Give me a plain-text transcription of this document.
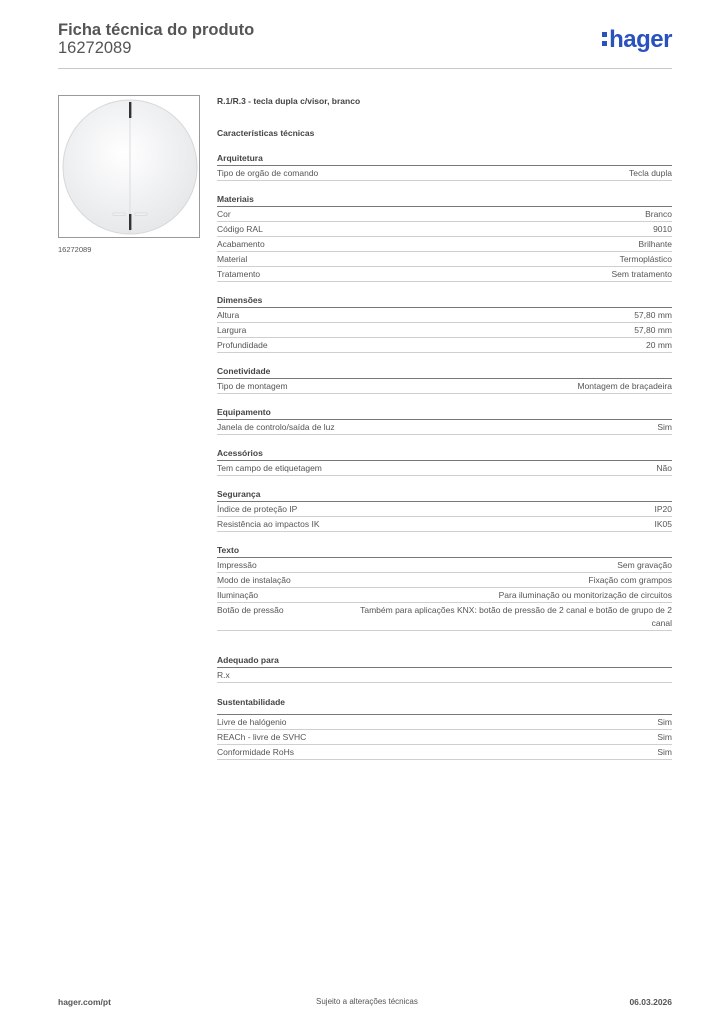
Ficha técnica do produto
16272089	hager
16272089
R.1/R.3 - tecla dupla c/visor, branco
Características técnicas
Arquitetura
Tipo de orgão de comando	Tecla dupla
Materiais
Cor	Branco
Código RAL	9010
Acabamento	Brilhante
Material	Termoplástico
Tratamento	Sem tratamento
Dimensões
Altura	57,80 mm
Largura	57,80 mm
Profundidade	20 mm
Conetividade
Tipo de montagem	Montagem de braçadeira
Equipamento
Janela de controlo/saída de luz	Sim
Acessórios
Tem campo de etiquetagem	Não
Segurança
Índice de proteção IP	IP20
Resistência ao impactos IK	IK05
Texto
Impressão	Sem gravação
Modo de instalação	Fixação com grampos
Iluminação	Para iluminação ou monitorização de circuitos
Botão de pressão	Também para aplicações KNX: botão de pressão de 2 canal e botão de grupo de 2 canal
Adequado para
R.x
Sustentabilidade
Livre de halógenio	Sim
REACh - livre de SVHC	Sim
Conformidade RoHs	Sim
hager.com/pt	Sujeito a alterações técnicas	06.03.2026
